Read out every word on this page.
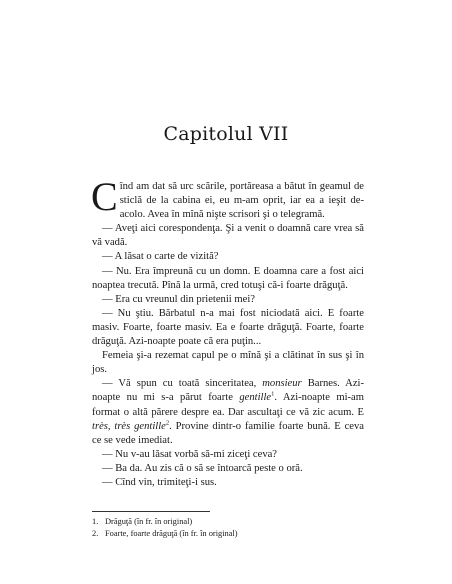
Capitolul VII

Cînd am dat să urc scările, portăreasa a bătut în geamul de sticlă de la cabina ei, eu m-am oprit, iar ea a ieşit de-acolo. Avea în mînă nişte scrisori şi o telegramă.

— Aveţi aici corespondenţa. Şi a venit o doamnă care vrea să vă vadă.

— A lăsat o carte de vizită?

— Nu. Era împreună cu un domn. E doamna care a fost aici noaptea trecută. Pînă la urmă, cred totuşi că-i foarte drăguţă.

— Era cu vreunul din prietenii mei?

— Nu ştiu. Bărbatul n-a mai fost niciodată aici. E foarte masiv. Foarte, foarte masiv. Ea e foarte drăguţă. Foarte, foarte drăguţă. Azi-noapte poate că era puţin...

Femeia şi-a rezemat capul pe o mînă şi a clătinat în sus şi în jos.

— Vă spun cu toată sinceritatea, monsieur Barnes. Azi-noapte nu mi s-a părut foarte gentille$^1$. Azi-noapte mi-am format o altă părere despre ea. Dar ascultaţi ce vă zic acum. E très, très gentille$^2$. Provine dintr-o familie foarte bună. E ceva ce se vede imediat.

— Nu v-au lăsat vorbă să-mi ziceţi ceva?

— Ba da. Au zis că o să se întoarcă peste o oră.

— Cînd vin, trimiteţi-i sus.

1. Drăguţă (în fr. în original)
2. Foarte, foarte drăguţă (în fr. în original)
